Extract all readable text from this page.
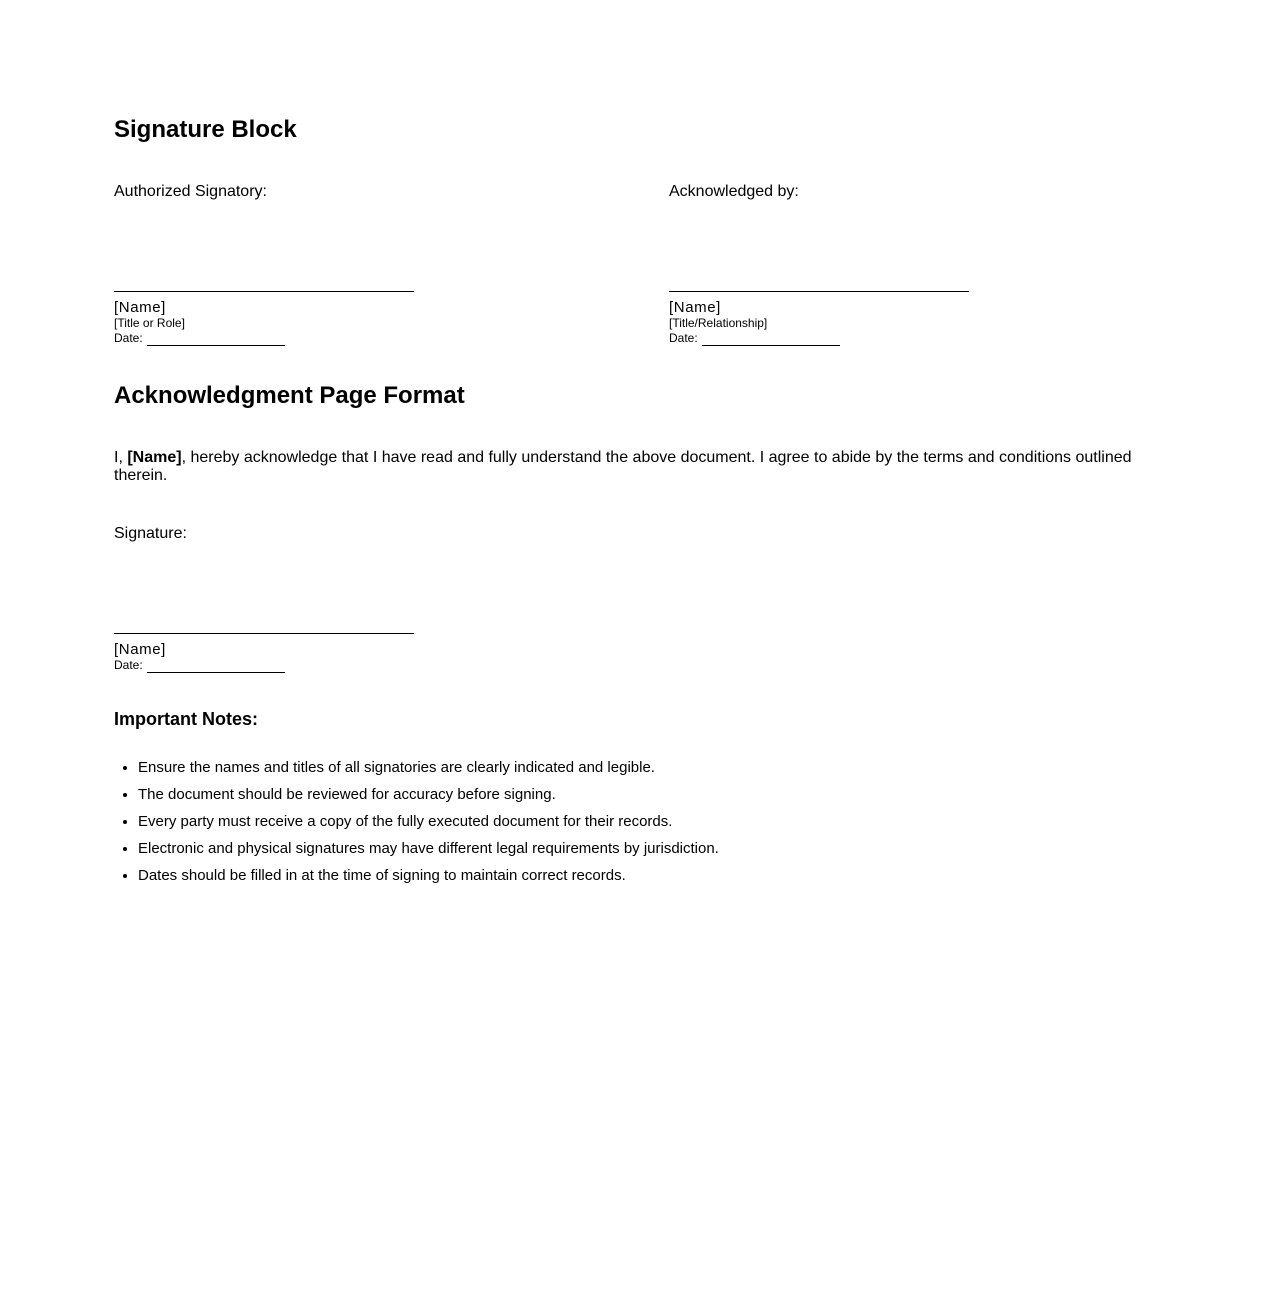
Signature Block
Authorized Signatory:
[Name]
[Title or Role]
Date:
Acknowledged by:
[Name]
[Title/Relationship]
Date:
Acknowledgment Page Format

I, [Name], hereby acknowledge that I have read and fully understand the above document. I agree to abide by the terms and conditions outlined therein.

Signature:
[Name]
Date:
Important Notes:
• Ensure the names and titles of all signatories are clearly indicated and legible.
• The document should be reviewed for accuracy before signing.
• Every party must receive a copy of the fully executed document for their records.
• Electronic and physical signatures may have different legal requirements by jurisdiction.
• Dates should be filled in at the time of signing to maintain correct records.
